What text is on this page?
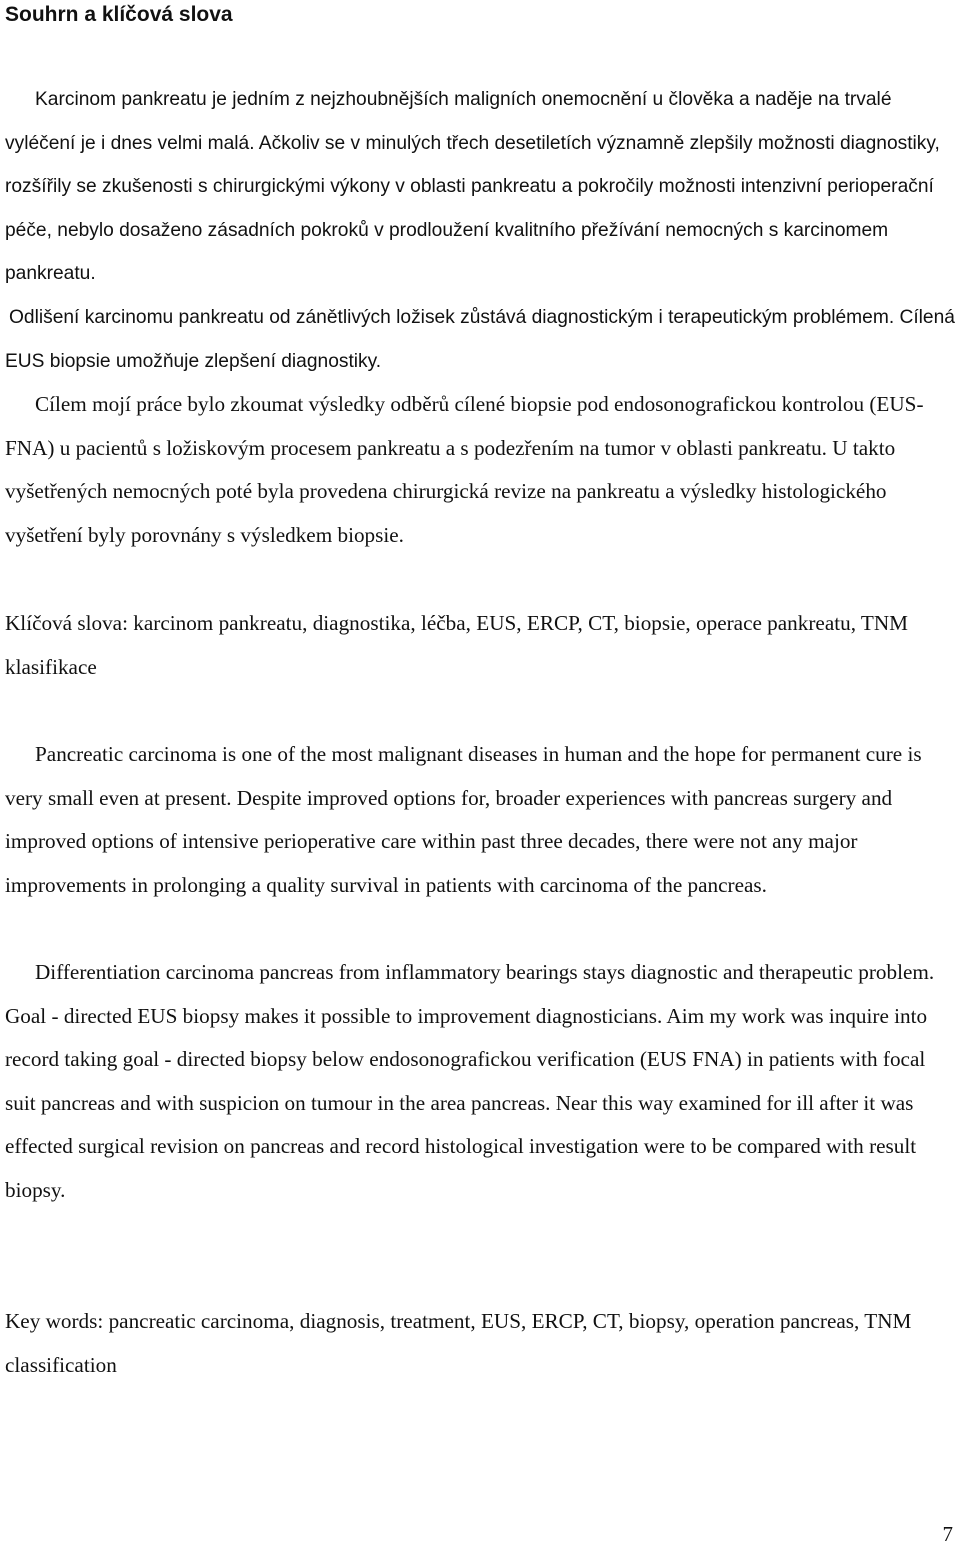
Souhrn a klíčová slova

Karcinom pankreatu je jedním z nejzhoubnějších maligních onemocnění u člověka a naděje na trvalé vyléčení je i dnes velmi malá. Ačkoliv se v minulých třech desetiletích významně zlepšily možnosti diagnostiky, rozšířily se zkušenosti s chirurgickými výkony v oblasti pankreatu a pokročily možnosti intenzivní perioperační péče, nebylo dosaženo zásadních pokroků v prodloužení kvalitního přežívání nemocných s karcinomem pankreatu.

Odlišení karcinomu pankreatu od zánětlivých ložisek zůstává diagnostickým i terapeutickým problémem. Cílená EUS biopsie umožňuje zlepšení diagnostiky.

Cílem mojí práce bylo zkoumat výsledky odběrů cílené biopsie pod endosonografickou kontrolou (EUS-FNA) u pacientů s ložiskovým procesem pankreatu a s podezřením na tumor v oblasti pankreatu. U takto vyšetřených nemocných poté byla provedena chirurgická revize na pankreatu a výsledky histologického vyšetření byly porovnány s výsledkem biopsie.

Klíčová slova: karcinom pankreatu, diagnostika, léčba, EUS, ERCP, CT, biopsie, operace pankreatu, TNM klasifikace

Pancreatic carcinoma is one of the most malignant diseases in human and the hope for permanent cure is very small even at present. Despite improved options for, broader experiences with pancreas surgery and improved options of intensive perioperative care within past three decades, there were not any major improvements in prolonging a quality survival in patients with carcinoma of the pancreas.

Differentiation carcinoma pancreas from inflammatory bearings stays diagnostic and therapeutic problem. Goal - directed EUS biopsy makes it possible to improvement diagnosticians. Aim my work was inquire into record taking goal - directed biopsy below endosonografickou verification (EUS FNA) in patients with focal suit pancreas and with suspicion on tumour in the area pancreas. Near this way examined for ill after it was effected surgical revision on pancreas and record histological investigation were to be compared with result biopsy.

Key words: pancreatic carcinoma, diagnosis, treatment, EUS, ERCP, CT, biopsy, operation pancreas, TNM classification

7
